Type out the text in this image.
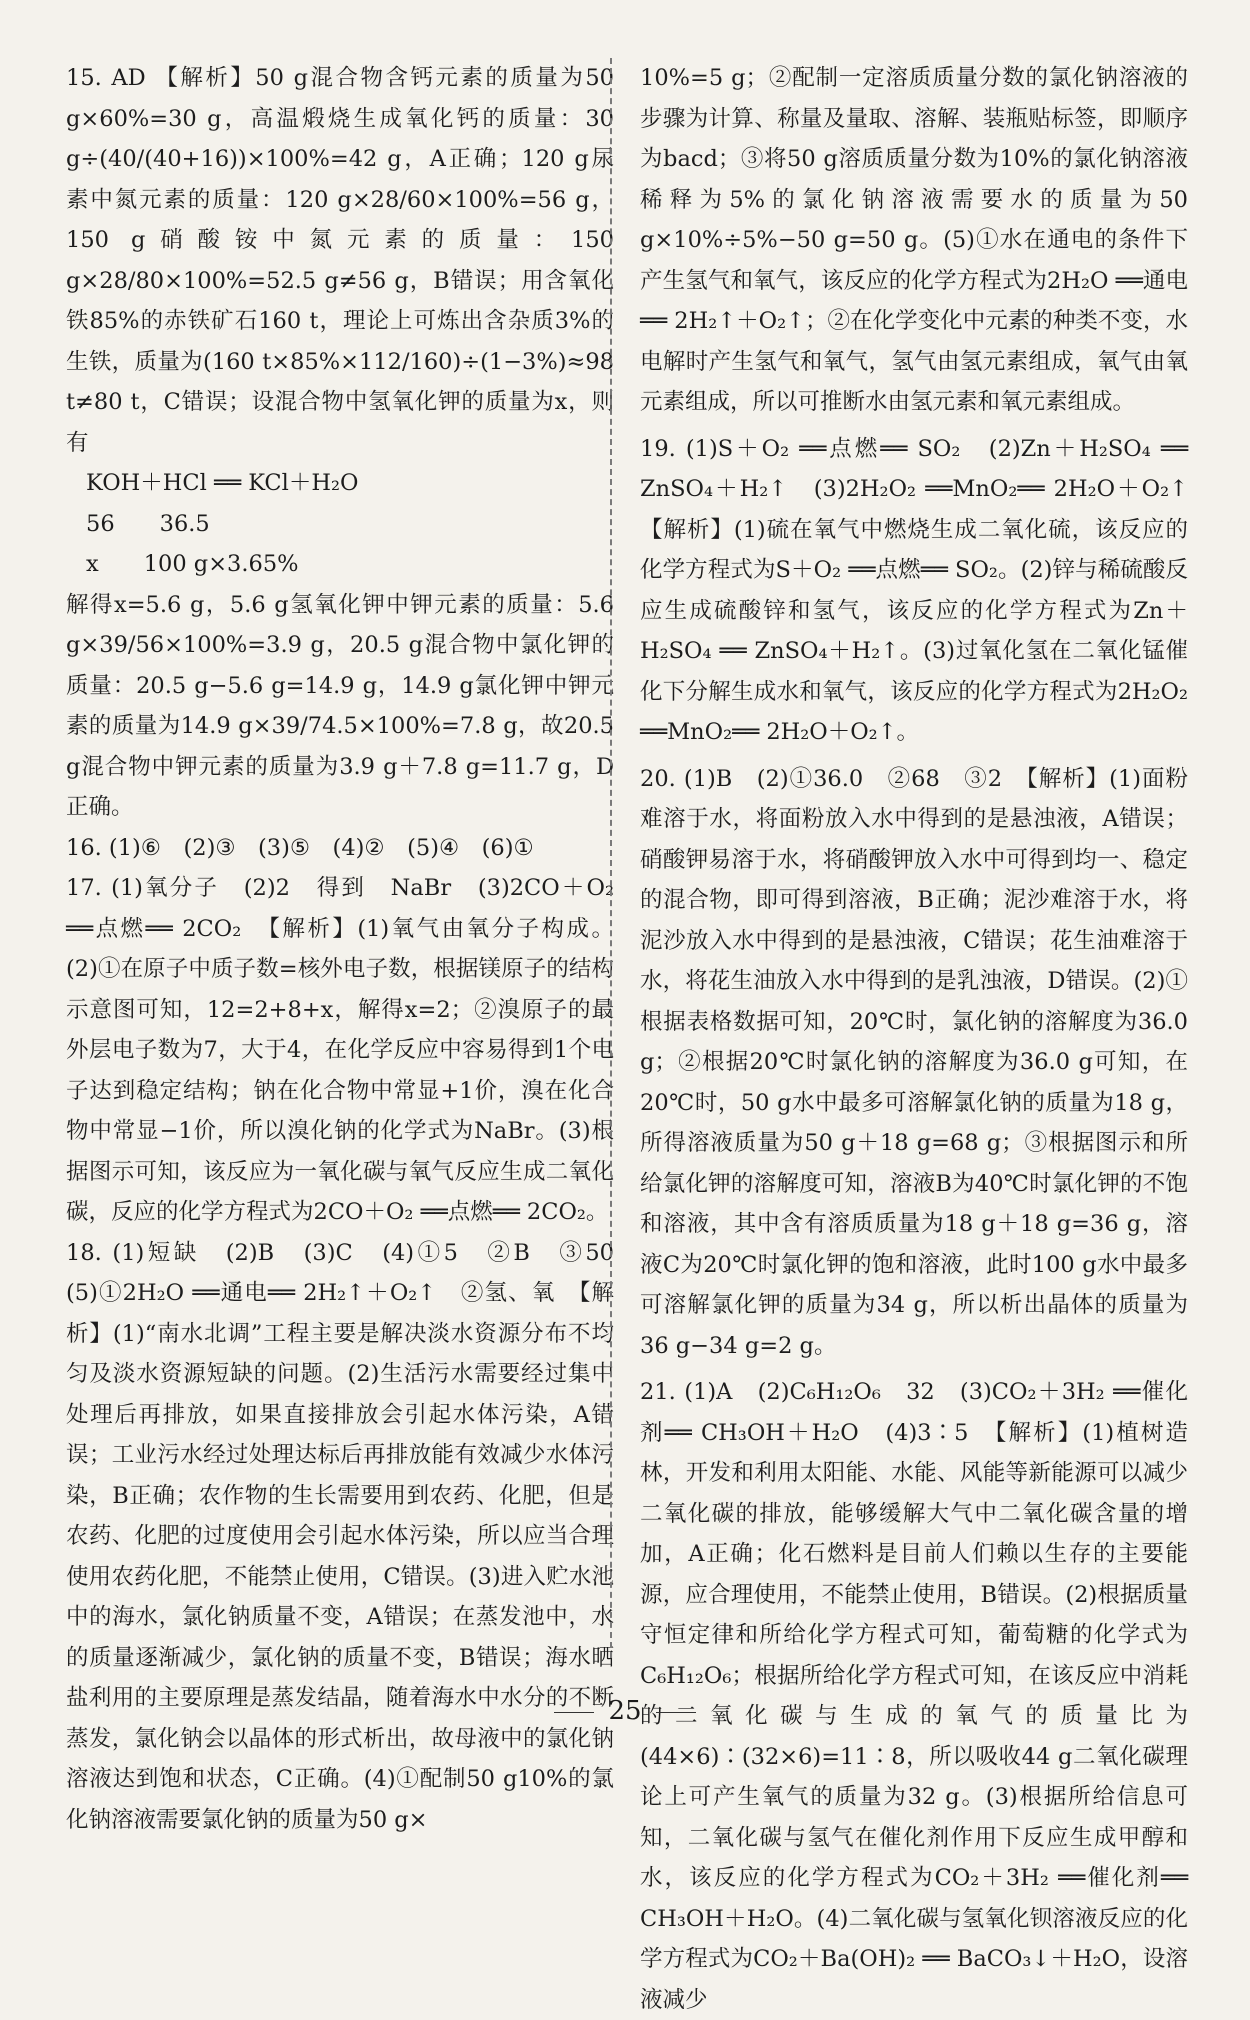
15. AD 【解析】50 g混合物含钙元素的质量为50 g×60%=30 g，高温煅烧生成氧化钙的质量：30 g÷(40/(40+16))×100%=42 g，A正确；120 g尿素中氮元素的质量：120 g×28/60×100%=56 g，150 g硝酸铵中氮元素的质量：150 g×28/80×100%=52.5 g≠56 g，B错误；用含氧化铁85%的赤铁矿石160 t，理论上可炼出含杂质3%的生铁，质量为(160 t×85%×112/160)÷(1−3%)≈98 t≠80 t，C错误；设混合物中氢氧化钾的质量为x，则有

KOH＋HCl ══ KCl＋H₂O

56　　36.5

x　　100 g×3.65%

解得x=5.6 g，5.6 g氢氧化钾中钾元素的质量：5.6 g×39/56×100%=3.9 g，20.5 g混合物中氯化钾的质量：20.5 g−5.6 g=14.9 g，14.9 g氯化钾中钾元素的质量为14.9 g×39/74.5×100%=7.8 g，故20.5 g混合物中钾元素的质量为3.9 g＋7.8 g=11.7 g，D正确。

16. (1)⑥　(2)③　(3)⑤　(4)②　(5)④　(6)①

17. (1)氧分子　(2)2　得到　NaBr　(3)2CO＋O₂ ══点燃══ 2CO₂　【解析】(1)氧气由氧分子构成。(2)①在原子中质子数=核外电子数，根据镁原子的结构示意图可知，12=2+8+x，解得x=2；②溴原子的最外层电子数为7，大于4，在化学反应中容易得到1个电子达到稳定结构；钠在化合物中常显+1价，溴在化合物中常显−1价，所以溴化钠的化学式为NaBr。(3)根据图示可知，该反应为一氧化碳与氧气反应生成二氧化碳，反应的化学方程式为2CO＋O₂ ══点燃══ 2CO₂。

18. (1)短缺　(2)B　(3)C　(4)①5　②B　③50　(5)①2H₂O ══通电══ 2H₂↑＋O₂↑　②氢、氧　【解析】(1)“南水北调”工程主要是解决淡水资源分布不均匀及淡水资源短缺的问题。(2)生活污水需要经过集中处理后再排放，如果直接排放会引起水体污染，A错误；工业污水经过处理达标后再排放能有效减少水体污染，B正确；农作物的生长需要用到农药、化肥，但是农药、化肥的过度使用会引起水体污染，所以应当合理使用农药化肥，不能禁止使用，C错误。(3)进入贮水池中的海水，氯化钠质量不变，A错误；在蒸发池中，水的质量逐渐减少，氯化钠的质量不变，B错误；海水晒盐利用的主要原理是蒸发结晶，随着海水中水分的不断蒸发，氯化钠会以晶体的形式析出，故母液中的氯化钠溶液达到饱和状态，C正确。(4)①配制50 g10%的氯化钠溶液需要氯化钠的质量为50 g×

10%=5 g；②配制一定溶质质量分数的氯化钠溶液的步骤为计算、称量及量取、溶解、装瓶贴标签，即顺序为bacd；③将50 g溶质质量分数为10%的氯化钠溶液稀释为5%的氯化钠溶液需要水的质量为50 g×10%÷5%−50 g=50 g。(5)①水在通电的条件下产生氢气和氧气，该反应的化学方程式为2H₂O ══通电══ 2H₂↑＋O₂↑；②在化学变化中元素的种类不变，水电解时产生氢气和氧气，氢气由氢元素组成，氧气由氧元素组成，所以可推断水由氢元素和氧元素组成。

19. (1)S＋O₂ ══点燃══ SO₂　(2)Zn＋H₂SO₄ ══ ZnSO₄＋H₂↑　(3)2H₂O₂ ══MnO₂══ 2H₂O＋O₂↑　【解析】(1)硫在氧气中燃烧生成二氧化硫，该反应的化学方程式为S＋O₂ ══点燃══ SO₂。(2)锌与稀硫酸反应生成硫酸锌和氢气，该反应的化学方程式为Zn＋H₂SO₄ ══ ZnSO₄＋H₂↑。(3)过氧化氢在二氧化锰催化下分解生成水和氧气，该反应的化学方程式为2H₂O₂ ══MnO₂══ 2H₂O＋O₂↑。

20. (1)B　(2)①36.0　②68　③2　【解析】(1)面粉难溶于水，将面粉放入水中得到的是悬浊液，A错误；硝酸钾易溶于水，将硝酸钾放入水中可得到均一、稳定的混合物，即可得到溶液，B正确；泥沙难溶于水，将泥沙放入水中得到的是悬浊液，C错误；花生油难溶于水，将花生油放入水中得到的是乳浊液，D错误。(2)①根据表格数据可知，20℃时，氯化钠的溶解度为36.0 g；②根据20℃时氯化钠的溶解度为36.0 g可知，在20℃时，50 g水中最多可溶解氯化钠的质量为18 g，所得溶液质量为50 g＋18 g=68 g；③根据图示和所给氯化钾的溶解度可知，溶液B为40℃时氯化钾的不饱和溶液，其中含有溶质质量为18 g＋18 g=36 g，溶液C为20℃时氯化钾的饱和溶液，此时100 g水中最多可溶解氯化钾的质量为34 g，所以析出晶体的质量为36 g−34 g=2 g。

21. (1)A　(2)C₆H₁₂O₆　32　(3)CO₂＋3H₂ ══催化剂══ CH₃OH＋H₂O　(4)3∶5　【解析】(1)植树造林，开发和利用太阳能、水能、风能等新能源可以减少二氧化碳的排放，能够缓解大气中二氧化碳含量的增加，A正确；化石燃料是目前人们赖以生存的主要能源，应合理使用，不能禁止使用，B错误。(2)根据质量守恒定律和所给化学方程式可知，葡萄糖的化学式为C₆H₁₂O₆；根据所给化学方程式可知，在该反应中消耗的二氧化碳与生成的氧气的质量比为(44×6)∶(32×6)=11∶8，所以吸收44 g二氧化碳理论上可产生氧气的质量为32 g。(3)根据所给信息可知，二氧化碳与氢气在催化剂作用下反应生成甲醇和水，该反应的化学方程式为CO₂＋3H₂ ══催化剂══ CH₃OH＋H₂O。(4)二氧化碳与氢氧化钡溶液反应的化学方程式为CO₂＋Ba(OH)₂ ══ BaCO₃↓＋H₂O，设溶液减少

25
